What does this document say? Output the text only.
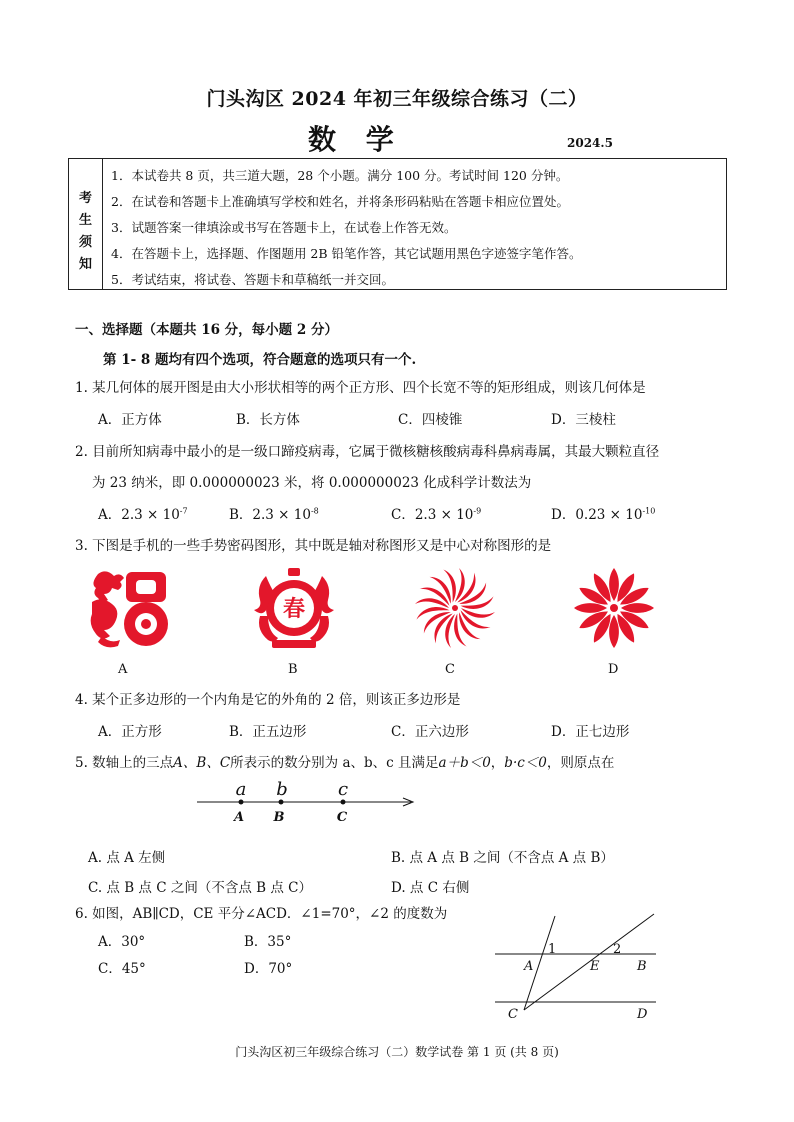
门头沟区 2024 年初三年级综合练习（二）
数 学	2024.5
考
生
须
知
1．本试卷共 8 页，共三道大题，28 个小题。满分 100 分。考试时间 120 分钟。
2．在试卷和答题卡上准确填写学校和姓名，并将条形码粘贴在答题卡相应位置处。
3．试题答案一律填涂或书写在答题卡上，在试卷上作答无效。
4．在答题卡上，选择题、作图题用 2B 铅笔作答，其它试题用黑色字迹签字笔作答。
5．考试结束，将试卷、答题卡和草稿纸一并交回。
一、选择题（本题共 16 分，每小题 2 分）
第 1- 8 题均有四个选项，符合题意的选项只有一个.
1. 某几何体的展开图是由大小形状相等的两个正方形、四个长宽不等的矩形组成，则该几何体是
A．正方体	B．长方体	C．四棱锥	D．三棱柱
2. 目前所知病毒中最小的是一级口蹄疫病毒，它属于微核糖核酸病毒科鼻病毒属，其最大颗粒直径
为 23 纳米，即 0.000000023 米，将 0.000000023 化成科学计数法为
A．$2.3 \times 10^{-7}$	B．$2.3 \times 10^{-8}$	C．$2.3 \times 10^{-9}$	D．$0.23 \times 10^{-10}$
3. 下图是手机的一些手势密码图形，其中既是轴对称图形又是中心对称图形的是
春
A	B	C	D
4. 某个正多边形的一个内角是它的外角的 2 倍，则该正多边形是
A．正方形	B．正五边形	C．正六边形	D．正七边形
5. 数轴上的三点A、B、C所表示的数分别为 a、b、c 且满足a＋b＜0，b·c＜0，则原点在
a b	c
A B	C
A. 点 A 左侧	B. 点 A 点 B 之间（不含点 A 点 B）
C. 点 B 点 C 之间（不含点 B 点 C）	D. 点 C 右侧
6. 如图，AB∥CD，CE 平分∠ACD．∠1=70°，∠2 的度数为
A．30°	B．35°
C．45°	D．70°
1	2
A	E	B
C	D
门头沟区初三年级综合练习（二）数学试卷 第 1 页 (共 8 页)
